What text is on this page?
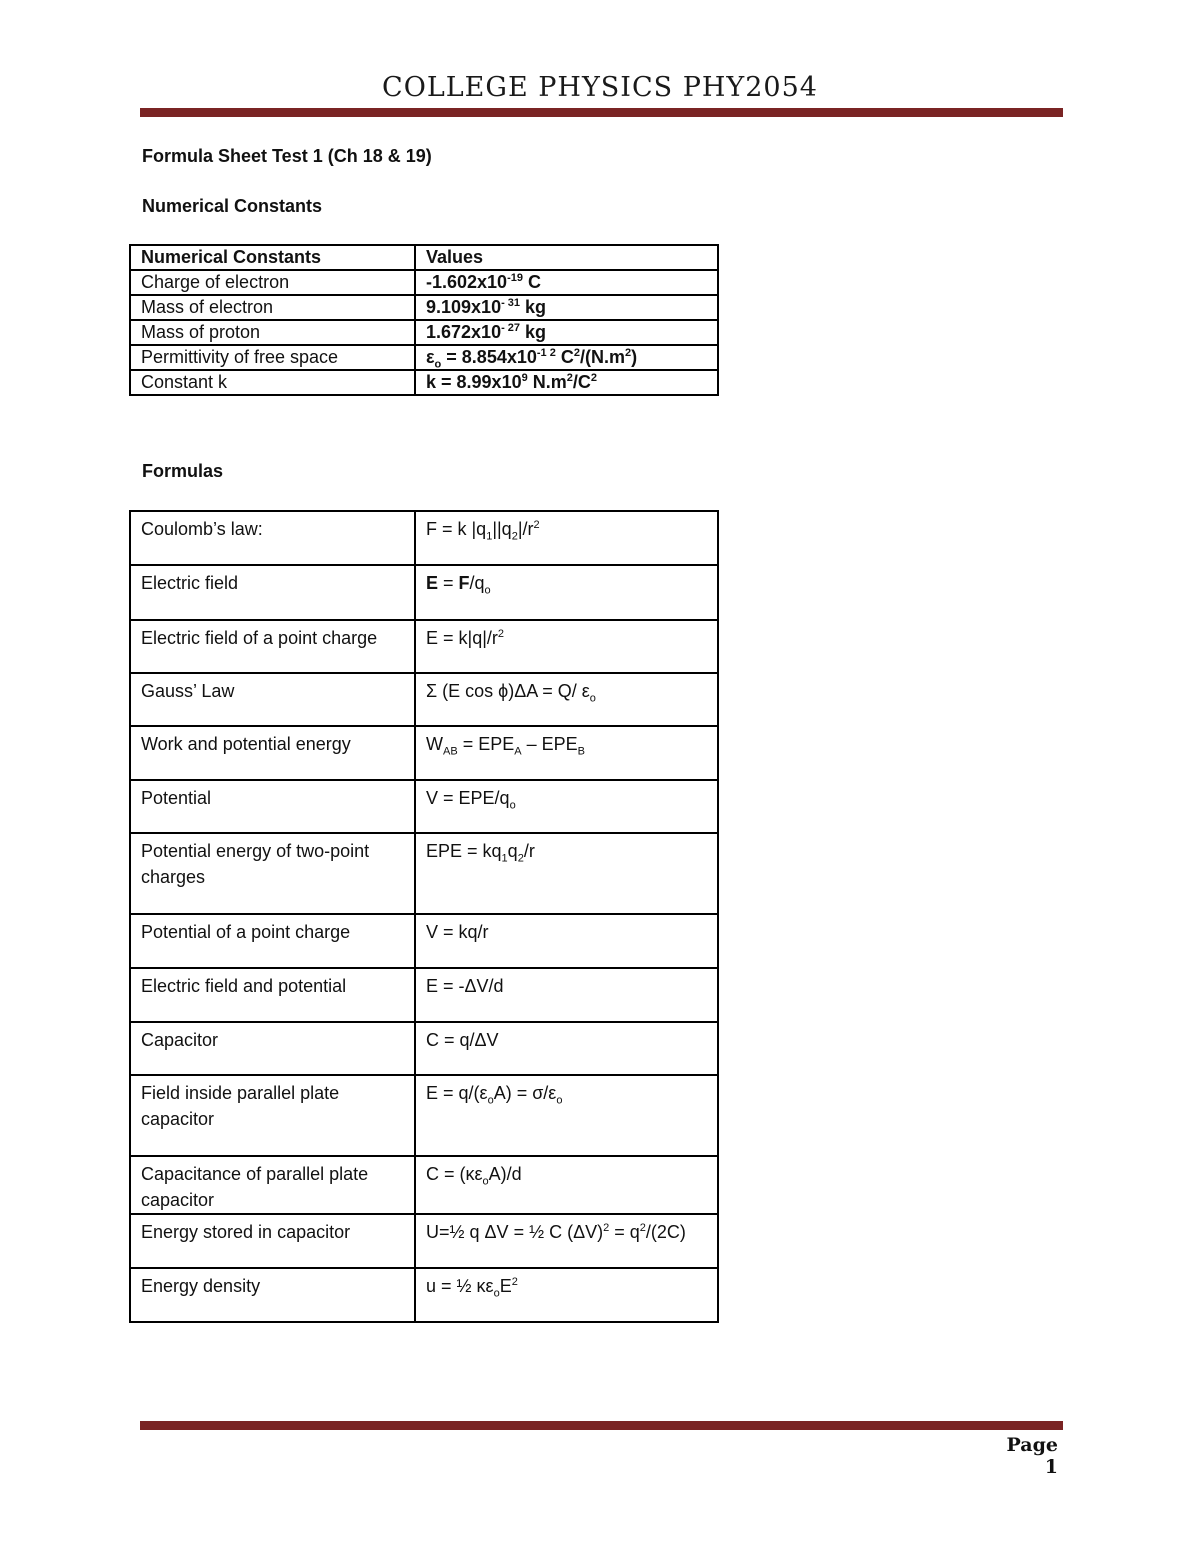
COLLEGE PHYSICS PHY2054
Formula Sheet Test 1 (Ch 18 & 19)
Numerical Constants
Numerical Constants	Values
Charge of electron	$-1.602x10^{-19}$ C
Mass of electron	$9.109x10^{- 31}$ kg
Mass of proton	$1.672x10^{- 27}$ kg
Permittivity of free space	$\varepsilon_o = 8.854x10^{-1 2}$ $C^2/(N.m^2)$
Constant k	$k = 8.99x10^9$ $N.m^2/C^2$
Formulas
Coulomb’s law:	F = k $|q_1||q_2|/r^2$
Electric field	$E = F/q_o$
Electric field of a point charge	$E = k|q|/r^2$
Gauss’ Law	Σ (E cos ϕ)ΔA = Q/ $\varepsilon_o$
Work and potential energy	$W_{AB} = EPE_A - EPE_B$
Potential	V = EPE/$q_o$
Potential energy of two-point charges	EPE = $kq_1q_2/r$
Potential of a point charge	V = kq/r
Electric field and potential	E = -ΔV/d
Capacitor	C = q/ΔV
Field inside parallel plate capacitor	$E = q/(\varepsilon_oA) = \sigma/\varepsilon_o$
Capacitance of parallel plate capacitor	$C = (\kappa\varepsilon_oA)/d$
Energy stored in capacitor	U=½ q ΔV = ½ C $(\Delta V)^2 = q^2/(2C)$
Energy density	u = ½ $\kappa\varepsilon_oE^2$
Page 1
